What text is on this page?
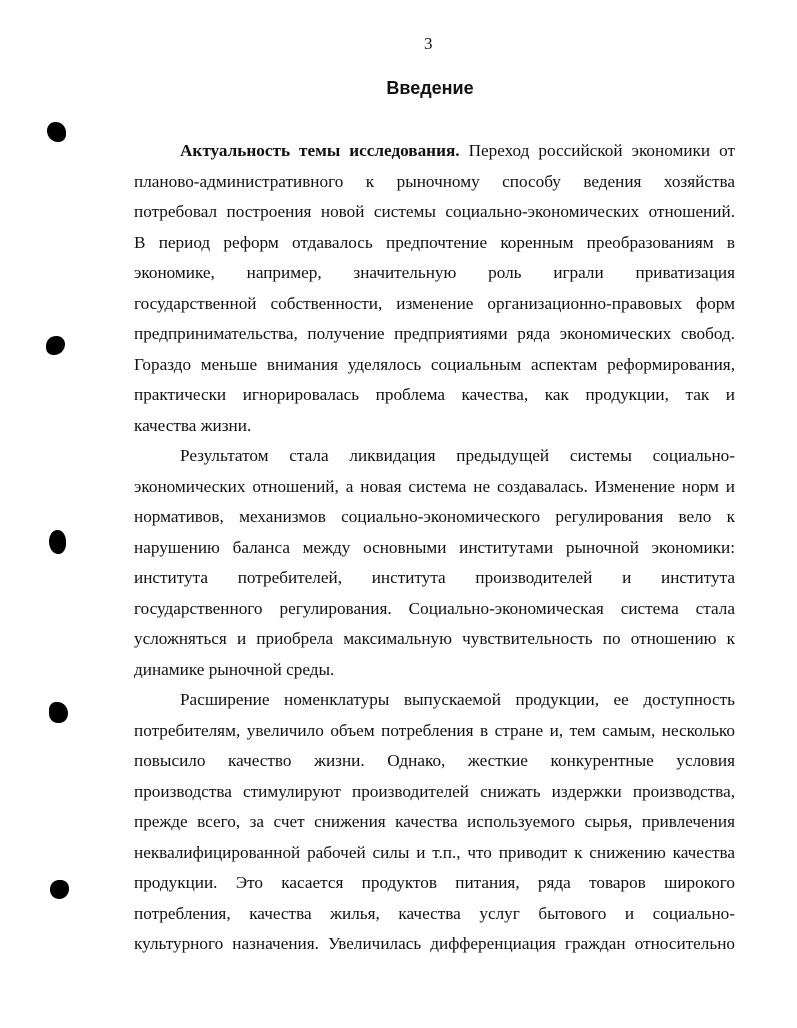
3
Введение
Актуальность темы исследования. Переход российской экономики от
планово-административного к рыночному способу ведения хозяйства
потребовал построения новой системы социально-экономических отношений.
В период реформ отдавалось предпочтение коренным преобразованиям в
экономике, например, значительную роль играли приватизация
государственной собственности, изменение организационно-правовых форм
предпринимательства, получение предприятиями ряда экономических свобод.
Гораздо меньше внимания уделялось социальным аспектам реформирования,
практически игнорировалась проблема качества, как продукции, так и
качества жизни.
Результатом стала ликвидация предыдущей системы социально-
экономических отношений, а новая система не создавалась. Изменение норм и
нормативов, механизмов социально-экономического регулирования вело к
нарушению баланса между основными институтами рыночной экономики:
института потребителей, института производителей и института
государственного регулирования. Социально-экономическая система стала
усложняться и приобрела максимальную чувствительность по отношению к
динамике рыночной среды.
Расширение номенклатуры выпускаемой продукции, ее доступность
потребителям, увеличило объем потребления в стране и, тем самым, несколько
повысило качество жизни. Однако, жесткие конкурентные условия
производства стимулируют производителей снижать издержки производства,
прежде всего, за счет снижения качества используемого сырья, привлечения
неквалифицированной рабочей силы и т.п., что приводит к снижению качества
продукции. Это касается продуктов питания, ряда товаров широкого
потребления, качества жилья, качества услуг бытового и социально-
культурного назначения. Увеличилась дифференциация граждан относительно
